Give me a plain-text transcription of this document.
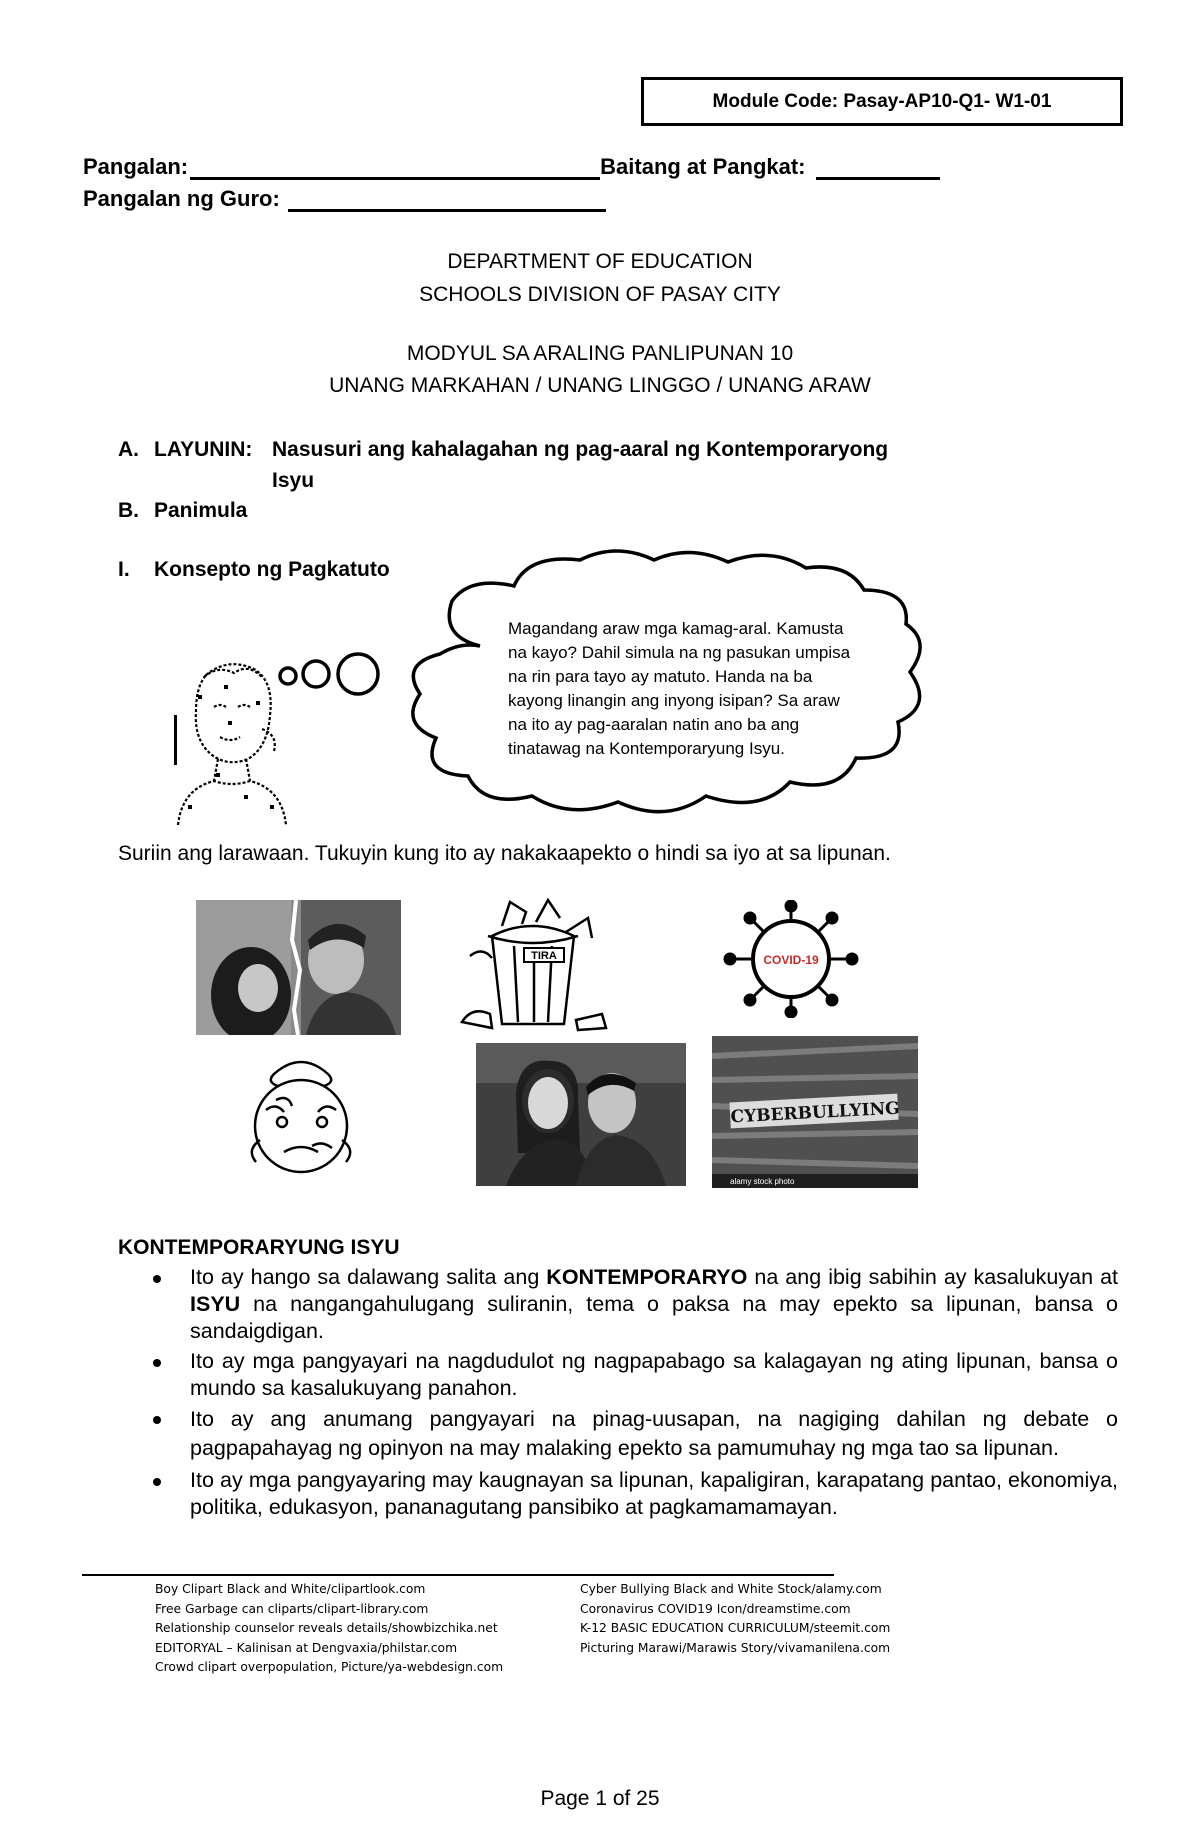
Module Code: Pasay-AP10-Q1- W1-01
Pangalan:	Baitang at Pangkat:
Pangalan ng Guro:
DEPARTMENT OF EDUCATION
SCHOOLS DIVISION OF PASAY CITY
MODYUL SA ARALING PANLIPUNAN 10
UNANG MARKAHAN / UNANG LINGGO / UNANG ARAW
A. LAYUNIN: Nasusuri ang kahalagahan ng pag-aaral ng Kontemporaryong
Isyu
B. Panimula
I. Konsepto ng Pagkatuto
Magandang araw mga kamag-aral. Kamusta
na kayo? Dahil simula na ng pasukan umpisa
na rin para tayo ay matuto. Handa na ba
kayong linangin ang inyong isipan? Sa araw
na ito ay pag-aaralan natin ano ba ang
tinatawag na Kontemporaryung Isyu.
Suriin ang larawaan. Tukuyin kung ito ay nakakaapekto o hindi sa iyo at sa lipunan.
TIRA	COVID-19
CYBERBULLYING
alamy stock photo
KONTEMPORARYUNG ISYU
Ito ay hango sa dalawang salita ang KONTEMPORARYO na ang ibig sabihin ay kasalukuyan at ISYU na nangangahulugang suliranin, tema o paksa na may epekto sa lipunan, bansa o sandaigdigan.
Ito ay mga pangyayari na nagdudulot ng nagpapabago sa kalagayan ng ating lipunan, bansa o mundo sa kasalukuyang panahon.
Ito ay ang anumang pangyayari na pinag-uusapan, na nagiging dahilan ng debate o pagpapahayag ng opinyon na may malaking epekto sa pamumuhay ng mga tao sa lipunan.
Ito ay mga pangyayaring may kaugnayan sa lipunan, kapaligiran, karapatang pantao, ekonomiya, politika, edukasyon, pananagutang pansibiko at pagkamamamayan.
Boy Clipart Black and White/clipartlook.com
Free Garbage can cliparts/clipart-library.com
Relationship counselor reveals details/showbizchika.net
EDITORYAL – Kalinisan at Dengvaxia/philstar.com
Crowd clipart overpopulation, Picture/ya-webdesign.com
Cyber Bullying Black and White Stock/alamy.com
Coronavirus COVID19 Icon/dreamstime.com
K-12 BASIC EDUCATION CURRICULUM/steemit.com
Picturing Marawi/Marawis Story/vivamanilena.com
Page 1 of 25
